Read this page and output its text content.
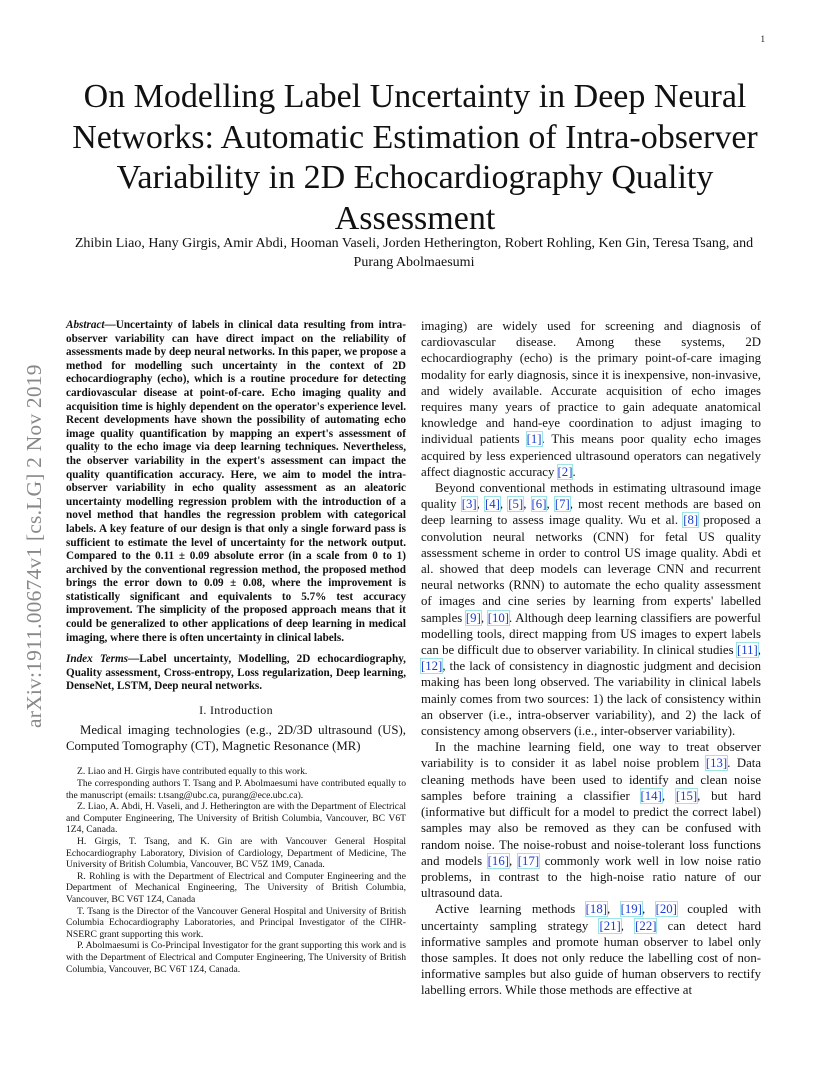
1
arXiv:1911.00674v1 [cs.LG] 2 Nov 2019
On Modelling Label Uncertainty in Deep Neural Networks: Automatic Estimation of Intra-observer Variability in 2D Echocardiography Quality Assessment
Zhibin Liao, Hany Girgis, Amir Abdi, Hooman Vaseli, Jorden Hetherington, Robert Rohling, Ken Gin, Teresa Tsang, and Purang Abolmaesumi

Abstract—Uncertainty of labels in clinical data resulting from intra-observer variability can have direct impact on the reliability of assessments made by deep neural networks. In this paper, we propose a method for modelling such uncertainty in the context of 2D echocardiography (echo), which is a routine procedure for detecting cardiovascular disease at point-of-care. Echo imaging quality and acquisition time is highly dependent on the operator's experience level. Recent developments have shown the possibility of automating echo image quality quantification by mapping an expert's assessment of quality to the echo image via deep learning techniques. Nevertheless, the observer variability in the expert's assessment can impact the quality quantification accuracy. Here, we aim to model the intra-observer variability in echo quality assessment as an aleatoric uncertainty modelling regression problem with the introduction of a novel method that handles the regression problem with categorical labels. A key feature of our design is that only a single forward pass is sufficient to estimate the level of uncertainty for the network output. Compared to the 0.11 ± 0.09 absolute error (in a scale from 0 to 1) archived by the conventional regression method, the proposed method brings the error down to 0.09 ± 0.08, where the improvement is statistically significant and equivalents to 5.7% test accuracy improvement. The simplicity of the proposed approach means that it could be generalized to other applications of deep learning in medical imaging, where there is often uncertainty in clinical labels.

Index Terms—Label uncertainty, Modelling, 2D echocardiography, Quality assessment, Cross-entropy, Loss regularization, Deep learning, DenseNet, LSTM, Deep neural networks.

I. Introduction

Medical imaging technologies (e.g., 2D/3D ultrasound (US), Computed Tomography (CT), Magnetic Resonance (MR)

Z. Liao and H. Girgis have contributed equally to this work.

The corresponding authors T. Tsang and P. Abolmaesumi have contributed equally to the manuscript (emails: t.tsang@ubc.ca, purang@ece.ubc.ca).

Z. Liao, A. Abdi, H. Vaseli, and J. Hetherington are with the Department of Electrical and Computer Engineering, The University of British Columbia, Vancouver, BC V6T 1Z4, Canada.

H. Girgis, T. Tsang, and K. Gin are with Vancouver General Hospital Echocardiography Laboratory, Division of Cardiology, Department of Medicine, The University of British Columbia, Vancouver, BC V5Z 1M9, Canada.

R. Rohling is with the Department of Electrical and Computer Engineering and the Department of Mechanical Engineering, The University of British Columbia, Vancouver, BC V6T 1Z4, Canada

T. Tsang is the Director of the Vancouver General Hospital and University of British Columbia Echocardiography Laboratories, and Principal Investigator of the CIHR-NSERC grant supporting this work.

P. Abolmaesumi is Co-Principal Investigator for the grant supporting this work and is with the Department of Electrical and Computer Engineering, The University of British Columbia, Vancouver, BC V6T 1Z4, Canada.

imaging) are widely used for screening and diagnosis of cardiovascular disease. Among these systems, 2D echocardiography (echo) is the primary point-of-care imaging modality for early diagnosis, since it is inexpensive, non-invasive, and widely available. Accurate acquisition of echo images requires many years of practice to gain adequate anatomical knowledge and hand-eye coordination to adjust imaging to individual patients [1]. This means poor quality echo images acquired by less experienced ultrasound operators can negatively affect diagnostic accuracy [2].

Beyond conventional methods in estimating ultrasound image quality [3], [4], [5], [6], [7], most recent methods are based on deep learning to assess image quality. Wu et al. [8] proposed a convolution neural networks (CNN) for fetal US quality assessment scheme in order to control US image quality. Abdi et al. showed that deep models can leverage CNN and recurrent neural networks (RNN) to automate the echo quality assessment of images and cine series by learning from experts' labelled samples [9], [10]. Although deep learning classifiers are powerful modelling tools, direct mapping from US images to expert labels can be difficult due to observer variability. In clinical studies [11], [12], the lack of consistency in diagnostic judgment and decision making has been long observed. The variability in clinical labels mainly comes from two sources: 1) the lack of consistency within an observer (i.e., intra-observer variability), and 2) the lack of consistency among observers (i.e., inter-observer variability).

In the machine learning field, one way to treat observer variability is to consider it as label noise problem [13]. Data cleaning methods have been used to identify and clean noise samples before training a classifier [14], [15], but hard (informative but difficult for a model to predict the correct label) samples may also be removed as they can be confused with random noise. The noise-robust and noise-tolerant loss functions and models [16], [17] commonly work well in low noise ratio problems, in contrast to the high-noise ratio nature of our ultrasound data.

Active learning methods [18], [19], [20] coupled with uncertainty sampling strategy [21], [22] can detect hard informative samples and promote human observer to label only those samples. It does not only reduce the labelling cost of non-informative samples but also guide of human observers to rectify labelling errors. While those methods are effective at
